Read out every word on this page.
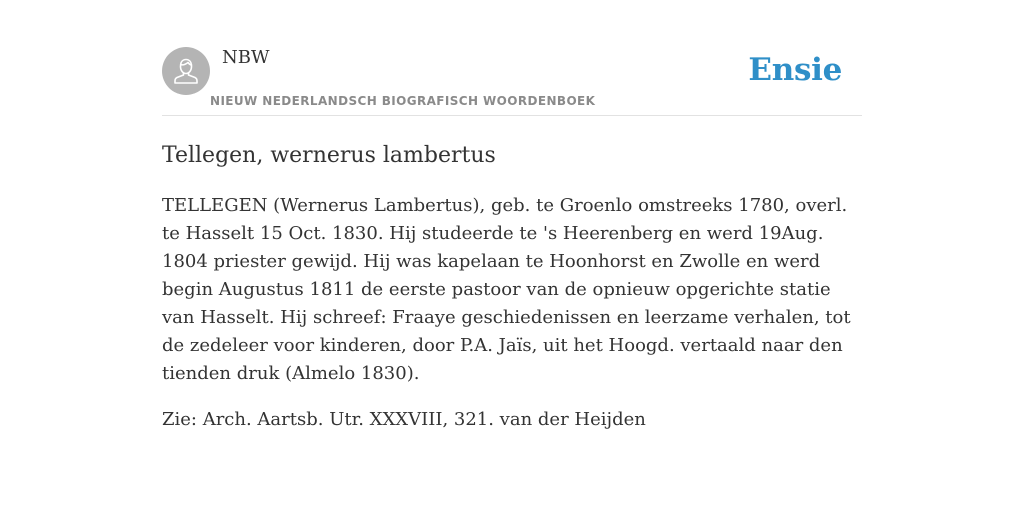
NBW
NIEUW NEDERLANDSCH BIOGRAFISCH WOORDENBOEK
Ensie
Tellegen, wernerus lambertus

TELLEGEN (Wernerus Lambertus), geb. te Groenlo omstreeks 1780, overl. te Hasselt 15 Oct. 1830. Hij studeerde te 's Heerenberg en werd 19Aug. 1804 priester gewijd. Hij was kapelaan te Hoonhorst en Zwolle en werd begin Augustus 1811 de eerste pastoor van de opnieuw opgerichte statie van Hasselt. Hij schreef: Fraaye geschiedenissen en leerzame verhalen, tot de zedeleer voor kinderen, door P.A. Jaïs, uit het Hoogd. vertaald naar den tienden druk (Almelo 1830).

Zie: Arch. Aartsb. Utr. XXXVIII, 321. van der Heijden
